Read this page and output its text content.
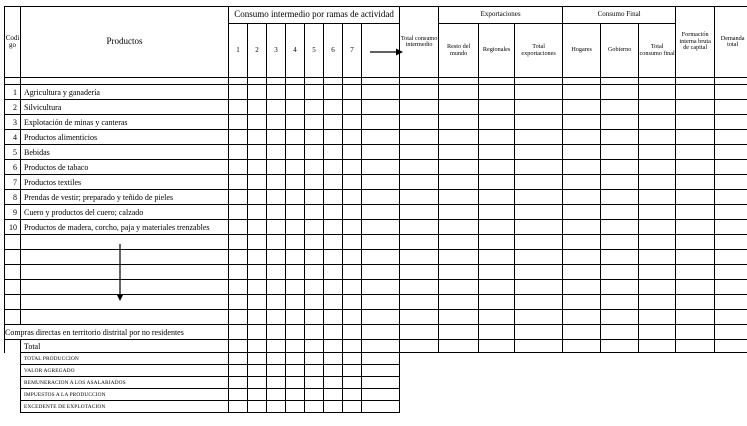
Codi go	Productos	Consumo intermedio por ramas de actividad								Total consumo intermedio	Exportaciones			Consumo Final			Formación interna bruta de capital	Demanda total
		1	2	3	4	5	6	7			Resto del mundo	Regionales	Total exportaciones	Hogares	Gobierno	Total consumo final		

1	Agricultura y ganadería																	
2	Silvicultura																	
3	Explotación de minas y canteras																	
4	Productos alimenticios																	
5	Bebidas																	
6	Productos de tabaco																	
7	Productos textiles																	
8	Prendas de vestir; preparado y teñido de pieles																	
9	Cuero y productos del cuero; calzado																	
10	Productos de madera, corcho, paja y materiales trenzables																	

Compras directas en territorio distrital por no residentes																		
	Total																	
	TOTAL PRODUCCION																	
	VALOR AGREGADO																	
	REMUNERACION A LOS ASALARIADOS																	
	IMPUESTOS A LA PRODUCCION																	
	EXCEDENTE DE EXPLOTACION																	
